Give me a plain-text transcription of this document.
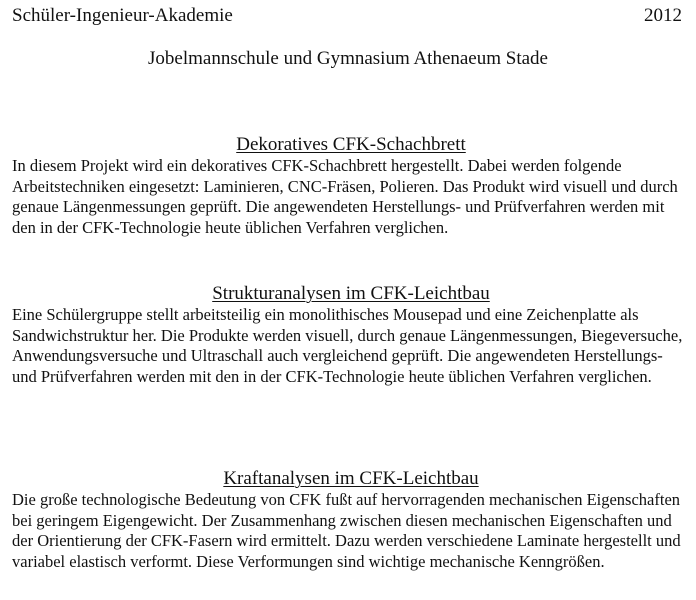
Schüler-Ingenieur-Akademie	2012
Jobelmannschule und Gymnasium Athenaeum Stade
Dekoratives CFK-Schachbrett

In diesem Projekt wird ein dekoratives CFK-Schachbrett hergestellt. Dabei werden folgende Arbeitstechniken eingesetzt: Laminieren, CNC-Fräsen, Polieren. Das Produkt wird visuell und durch genaue Längenmessungen geprüft. Die angewendeten Herstellungs- und Prüfverfahren werden mit den in der CFK-Technologie heute üblichen Verfahren verglichen.

Strukturanalysen im CFK-Leichtbau

Eine Schülergruppe stellt arbeitsteilig ein monolithisches Mousepad und eine Zeichenplatte als Sandwichstruktur her. Die Produkte werden visuell, durch genaue Längenmessungen, Biegeversuche, Anwendungsversuche und Ultraschall auch vergleichend geprüft. Die angewendeten Herstellungs- und Prüfverfahren werden mit den in der CFK-Technologie heute üblichen Verfahren verglichen.

Kraftanalysen im CFK-Leichtbau

Die große technologische Bedeutung von CFK fußt auf hervorragenden mechanischen Eigenschaften bei geringem Eigengewicht. Der Zusammenhang zwischen diesen mechanischen Eigenschaften und der Orientierung der CFK-Fasern wird ermittelt. Dazu werden verschiedene Laminate hergestellt und variabel elastisch verformt. Diese Verformungen sind wichtige mechanische Kenngrößen.
